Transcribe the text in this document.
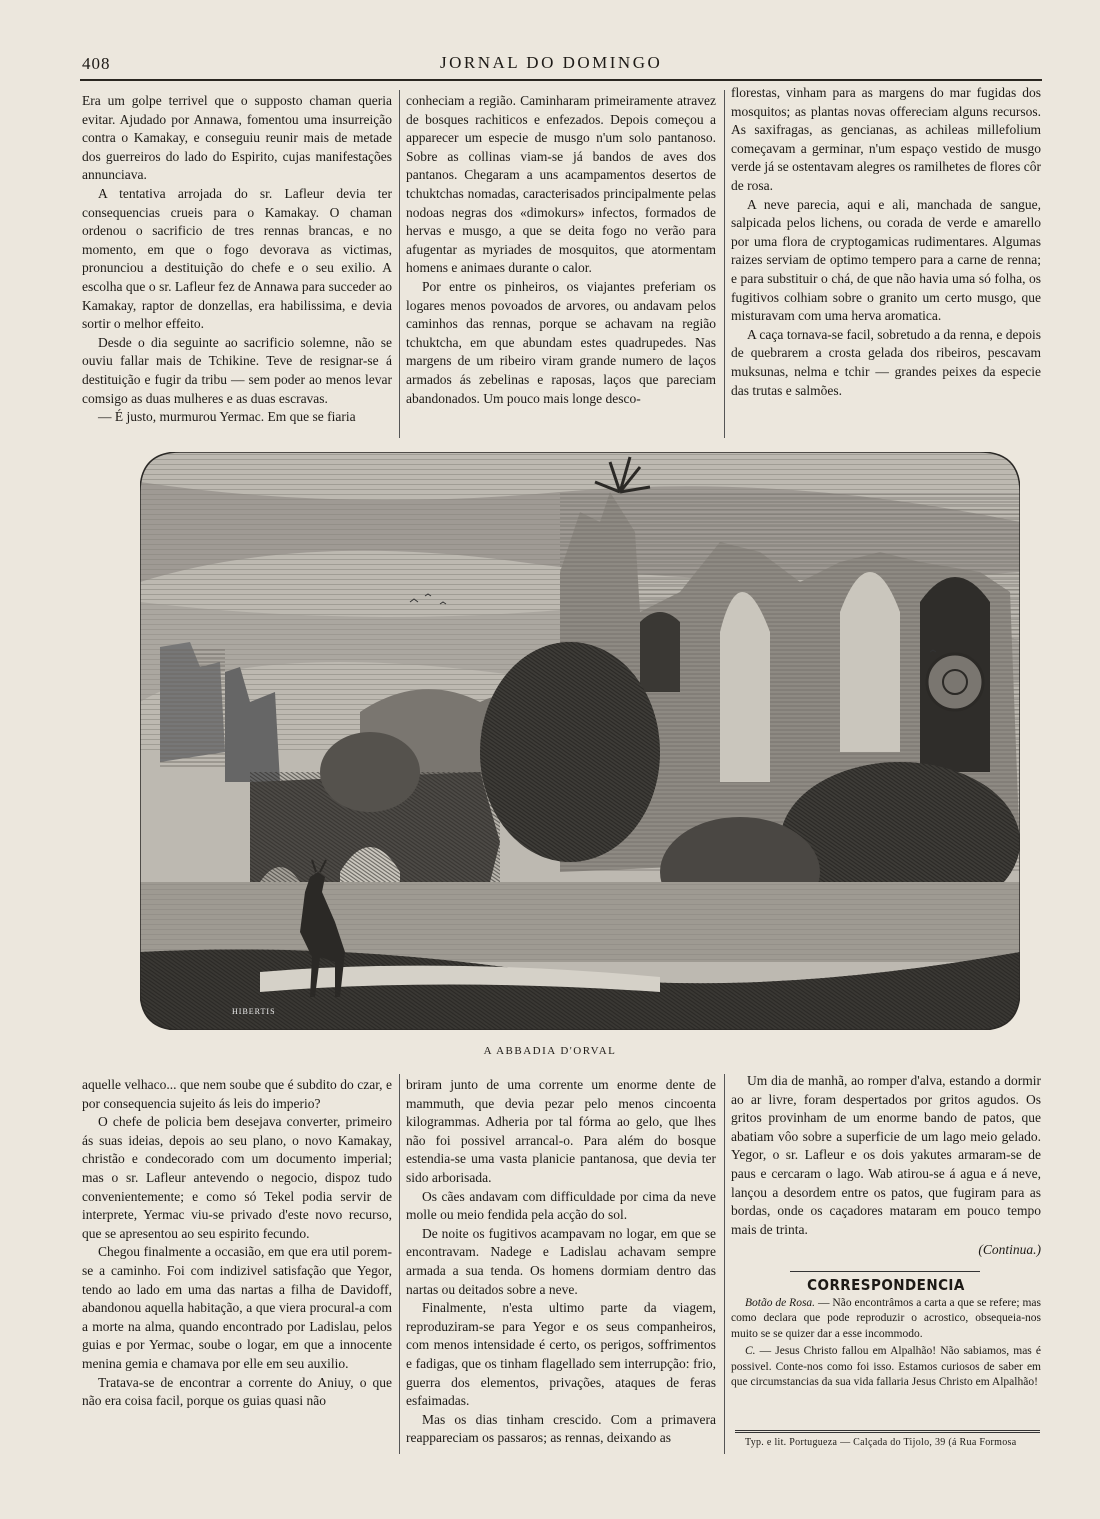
408	JORNAL DO DOMINGO

Era um golpe terrivel que o supposto chaman queria evitar. Ajudado por Annawa, fomentou uma insurreição contra o Kamakay, e conseguiu reunir mais de metade dos guerreiros do lado do Espirito, cujas manifestações annunciava.

A tentativa arrojada do sr. Lafleur devia ter consequencias crueis para o Kamakay. O chaman ordenou o sacrificio de tres rennas brancas, e no momento, em que o fogo devorava as victimas, pronunciou a destituição do chefe e o seu exilio. A escolha que o sr. Lafleur fez de Annawa para succeder ao Kamakay, raptor de donzellas, era habilissima, e devia sortir o melhor effeito.

Desde o dia seguinte ao sacrificio solemne, não se ouviu fallar mais de Tchikine. Teve de resignar-se á destituição e fugir da tribu — sem poder ao menos levar comsigo as duas mulheres e as duas escravas.

— É justo, murmurou Yermac. Em que se fiaria

conheciam a região. Caminharam primeiramente atravez de bosques rachiticos e enfezados. Depois começou a apparecer um especie de musgo n'um solo pantanoso. Sobre as collinas viam-se já bandos de aves dos pantanos. Chegaram a uns acampamentos desertos de tchuktchas nomadas, caracterisados principalmente pelas nodoas negras dos «dimokurs» infectos, formados de hervas e musgo, a que se deita fogo no verão para afugentar as myriades de mosquitos, que atormentam homens e animaes durante o calor.

Por entre os pinheiros, os viajantes preferiam os logares menos povoados de arvores, ou andavam pelos caminhos das rennas, porque se achavam na região tchuktcha, em que abundam estes quadrupedes. Nas margens de um ribeiro viram grande numero de laços armados ás zebelinas e raposas, laços que pareciam abandonados. Um pouco mais longe desco-

florestas, vinham para as margens do mar fugidas dos mosquitos; as plantas novas offereciam alguns recursos. As saxifragas, as gencianas, as achileas millefolium começavam a germinar, n'um espaço vestido de musgo verde já se ostentavam alegres os ramilhetes de flores côr de rosa.

A neve parecia, aqui e ali, manchada de sangue, salpicada pelos lichens, ou corada de verde e amarello por uma flora de cryptogamicas rudimentares. Algumas raizes serviam de optimo tempero para a carne de renna; e para substituir o chá, de que não havia uma só folha, os fugitivos colhiam sobre o granito um certo musgo, que misturavam com uma herva aromatica.

A caça tornava-se facil, sobretudo a da renna, e depois de quebrarem a crosta gelada dos ribeiros, pescavam muksunas, nelma e tchir — grandes peixes da especie das trutas e salmões.

HIBERTIS
A ABBADIA D'ORVAL

aquelle velhaco... que nem soube que é subdito do czar, e por consequencia sujeito ás leis do imperio?

O chefe de policia bem desejava converter, primeiro ás suas ideias, depois ao seu plano, o novo Kamakay, christão e condecorado com um documento imperial; mas o sr. Lafleur antevendo o negocio, dispoz tudo convenientemente; e como só Tekel podia servir de interprete, Yermac viu-se privado d'este novo recurso, que se apresentou ao seu espirito fecundo.

Chegou finalmente a occasião, em que era util porem-se a caminho. Foi com indizivel satisfação que Yegor, tendo ao lado em uma das nartas a filha de Davidoff, abandonou aquella habitação, a que viera procural-a com a morte na alma, quando encontrado por Ladislau, pelos guias e por Yermac, soube o logar, em que a innocente menina gemia e chamava por elle em seu auxilio.

Tratava-se de encontrar a corrente do Aniuy, o que não era coisa facil, porque os guias quasi não

briram junto de uma corrente um enorme dente de mammuth, que devia pezar pelo menos cincoenta kilogrammas. Adheria por tal fórma ao gelo, que lhes não foi possivel arrancal-o. Para além do bosque estendia-se uma vasta planicie pantanosa, que devia ter sido arborisada.

Os cães andavam com difficuldade por cima da neve molle ou meio fendida pela acção do sol.

De noite os fugitivos acampavam no logar, em que se encontravam. Nadege e Ladislau achavam sempre armada a sua tenda. Os homens dormiam dentro das nartas ou deitados sobre a neve.

Finalmente, n'esta ultimo parte da viagem, reproduziram-se para Yegor e os seus companheiros, com menos intensidade é certo, os perigos, soffrimentos e fadigas, que os tinham flagellado sem interrupção: frio, guerra dos elementos, privações, ataques de feras esfaimadas.

Mas os dias tinham crescido. Com a primavera reappareciam os passaros; as rennas, deixando as

Um dia de manhã, ao romper d'alva, estando a dormir ao ar livre, foram despertados por gritos agudos. Os gritos provinham de um enorme bando de patos, que abatiam vôo sobre a superficie de um lago meio gelado. Yegor, o sr. Lafleur e os dois yakutes armaram-se de paus e cercaram o lago. Wab atirou-se á agua e á neve, lançou a desordem entre os patos, que fugiram para as bordas, onde os caçadores mataram em pouco tempo mais de trinta.

(Continua.)
CORRESPONDENCIA

Botão de Rosa. — Não encontrâmos a carta a que se refere; mas como declara que pode reproduzir o acrostico, obsequeia-nos muito se se quizer dar a esse incommodo.

C. — Jesus Christo fallou em Alpalhão! Não sabiamos, mas é possivel. Conte-nos como foi isso. Estamos curiosos de saber em que circumstancias da sua vida fallaria Jesus Christo em Alpalhão!

Typ. e lit. Portugueza — Calçada do Tijolo, 39 (á Rua Formosa
